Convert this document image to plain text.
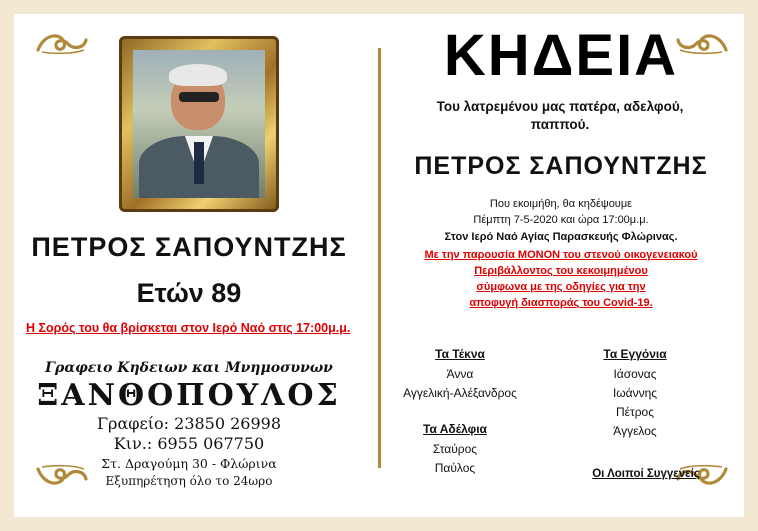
ΠΕΤΡΟΣ ΣΑΠΟΥΝΤΖΗΣ
Ετών 89
Η Σορός του θα βρίσκεται στον Ιερό Ναό στις 17:00μ.μ.
Γραφειο Κηδειων και Μνημοσυνων
ΞΑΝΘΟΠΟΥΛΟΣ
Γραφείο: 23850 26998
Κιν.: 6955 067750
Στ. Δραγούμη 30 - Φλώρινα
Εξυπηρέτηση όλο το 24ωρο
ΚΗΔΕΙΑ
Του λατρεμένου μας πατέρα, αδελφού,
παππού.
ΠΕΤΡΟΣ ΣΑΠΟΥΝΤΖΗΣ
Που εκοιμήθη, θα κηδέψουμε
Πέμπτη 7-5-2020 και ώρα 17:00μ.μ.
Στον Ιερό Ναό Αγίας Παρασκευής Φλώρινας.
Με την παρουσία ΜΟΝΟΝ του στενού οικογενειακού
Περιβάλλοντος του κεκοιμημένου
σύμφωνα με της οδηγίες για την
αποφυγή διασποράς του Covid-19.
Τα Τέκνα
Άννα
Αγγελική-Αλέξανδρος
Τα Εγγόνια
Ιάσονας
Ιωάννης
Πέτρος
Άγγελος
Τα Αδέλφια
Σταύρος
Παύλος	Οι Λοιποί Συγγενείς
